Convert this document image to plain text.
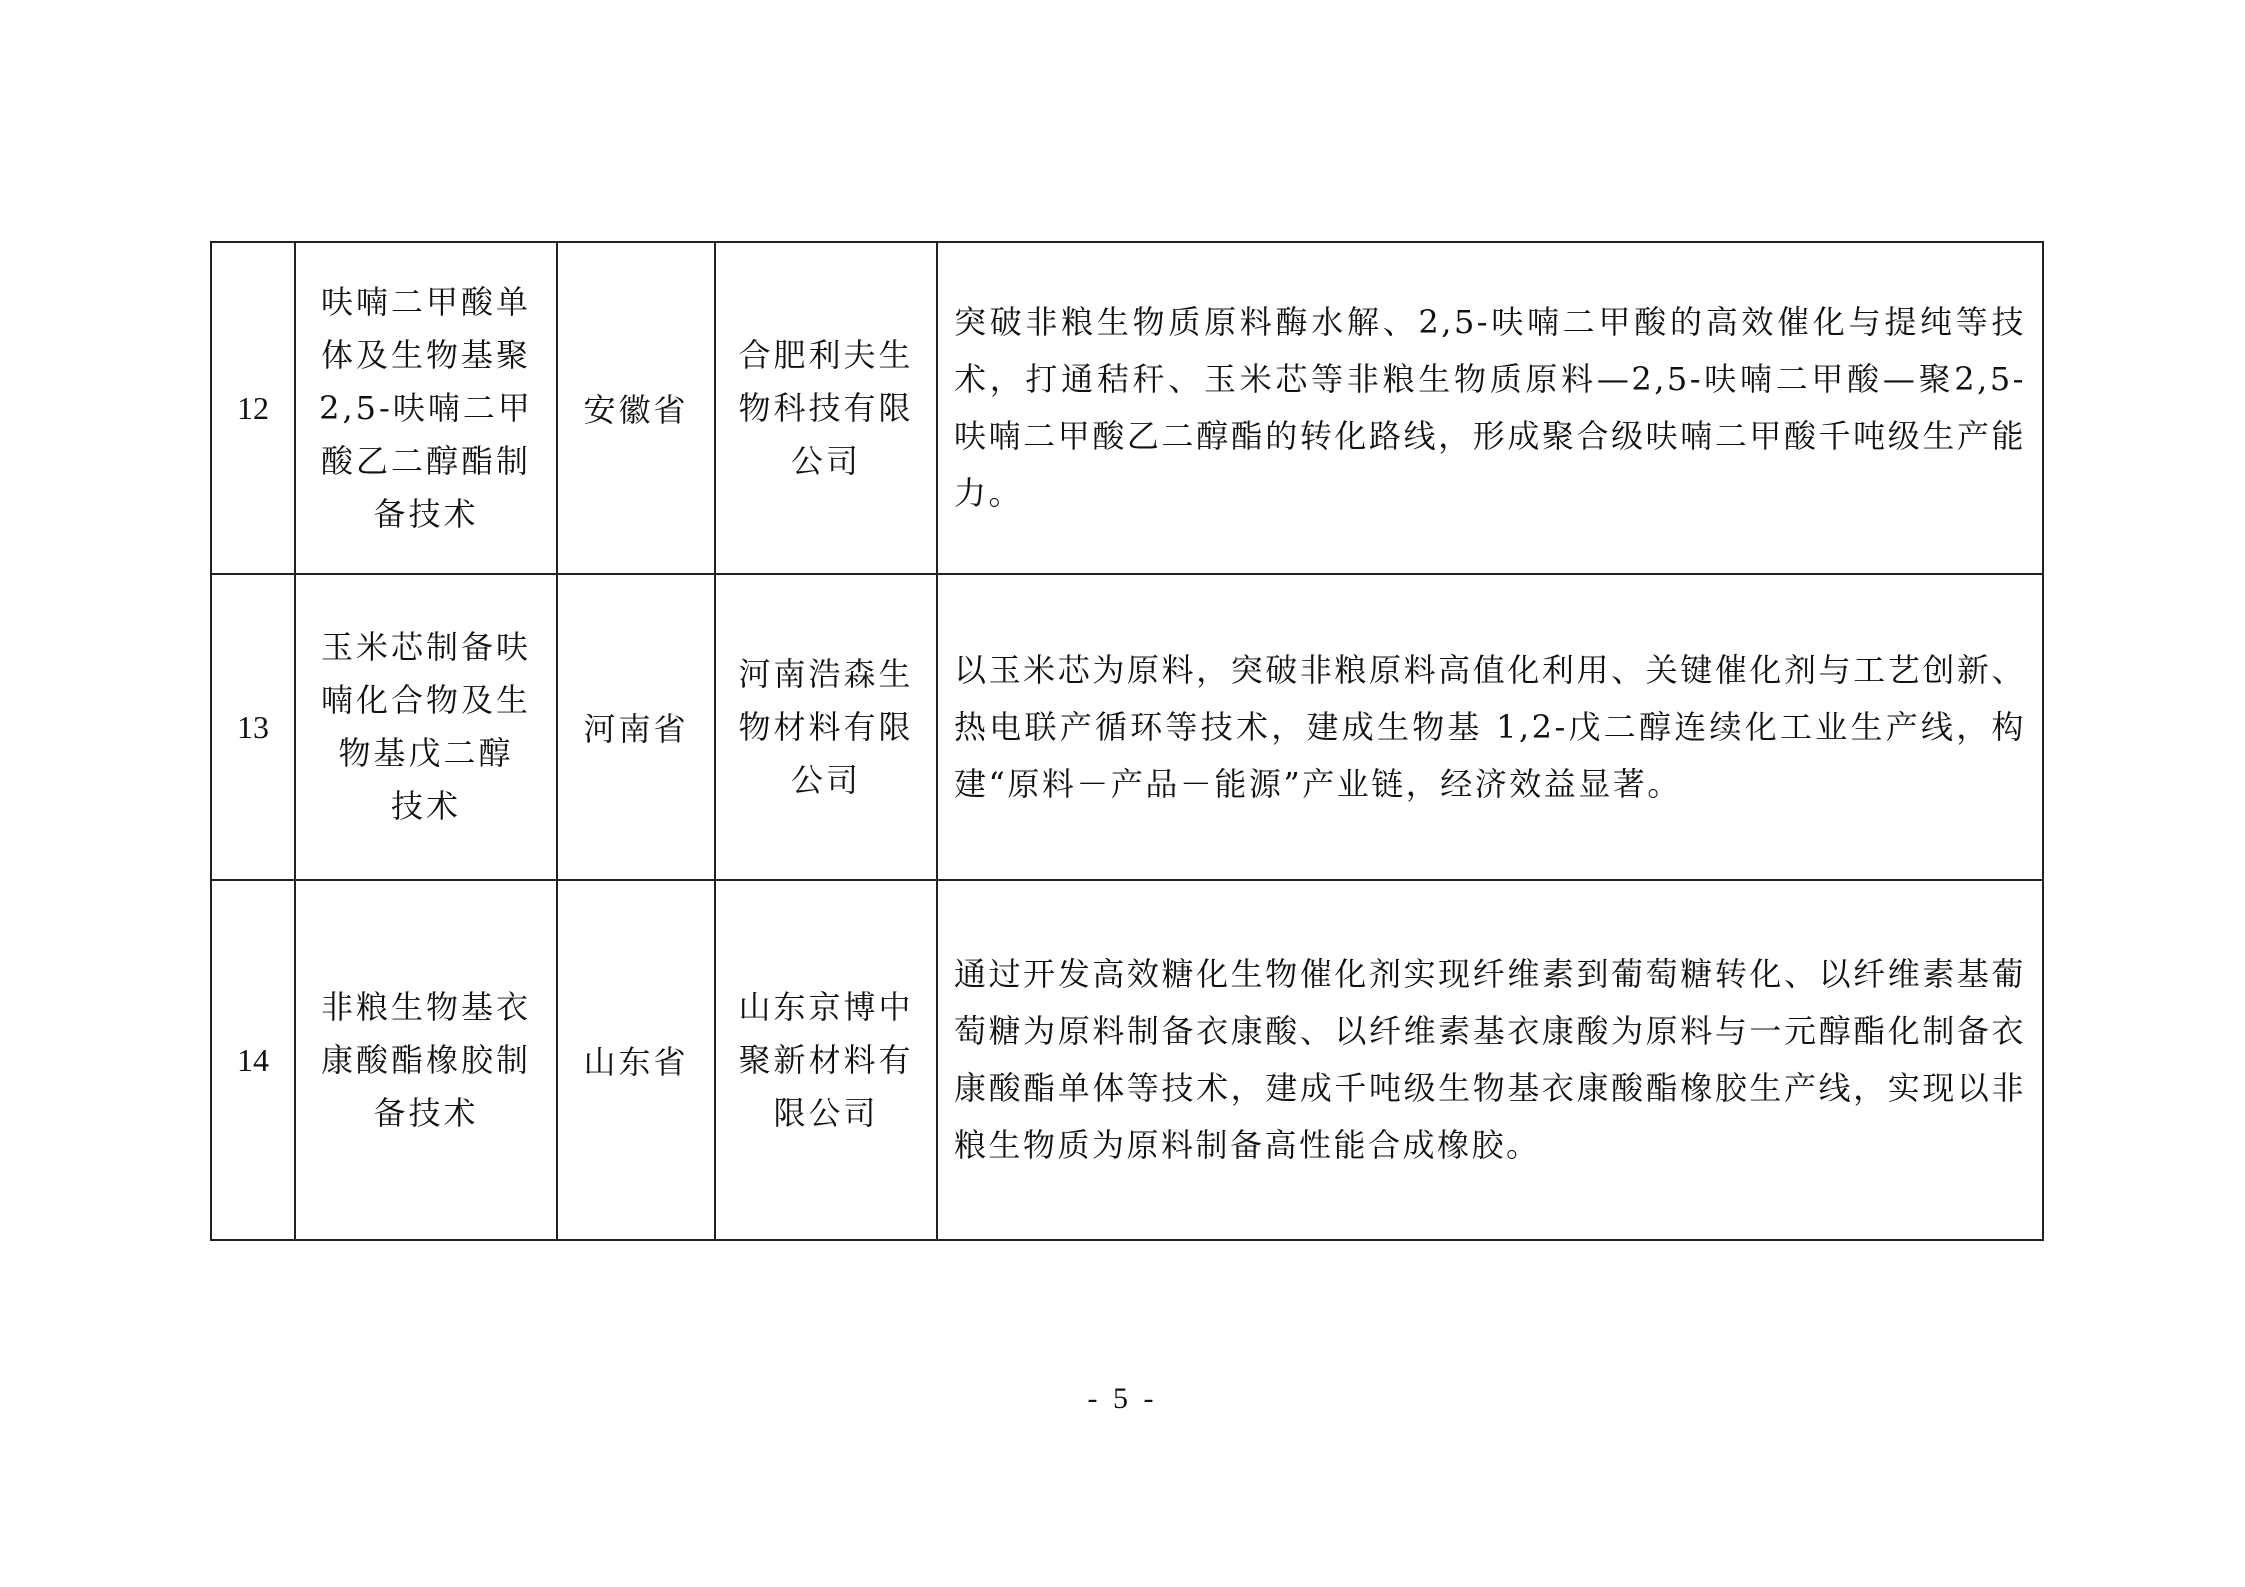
12	呋喃二甲酸单
体及生物基聚
2,5-呋喃二甲
酸乙二醇酯制
备技术	安徽省	合肥利夫生
物科技有限
公司	突破非粮生物质原料酶水解、2,5-呋喃二甲酸的高效催化与提纯等技术，打通秸秆、玉米芯等非粮生物质原料—2,5-呋喃二甲酸—聚2,5-呋喃二甲酸乙二醇酯的转化路线，形成聚合级呋喃二甲酸千吨级生产能力。
13	玉米芯制备呋
喃化合物及生
物基戊二醇
技术	河南省	河南浩森生
物材料有限
公司	以玉米芯为原料，突破非粮原料高值化利用、关键催化剂与工艺创新、热电联产循环等技术，建成生物基 1,2-戊二醇连续化工业生产线，构建“原料－产品－能源”产业链，经济效益显著。
14	非粮生物基衣
康酸酯橡胶制
备技术	山东省	山东京博中
聚新材料有
限公司	通过开发高效糖化生物催化剂实现纤维素到葡萄糖转化、以纤维素基葡萄糖为原料制备衣康酸、以纤维素基衣康酸为原料与一元醇酯化制备衣康酸酯单体等技术，建成千吨级生物基衣康酸酯橡胶生产线，实现以非粮生物质为原料制备高性能合成橡胶。
- 5 -
